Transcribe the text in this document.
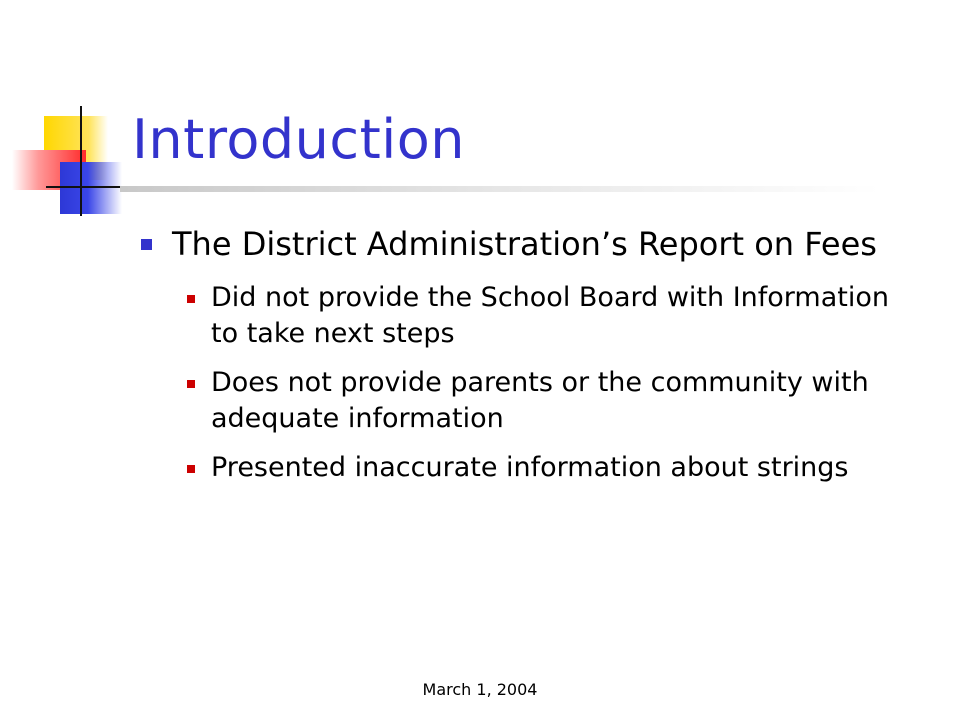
Introduction
The District Administration’s Report on Fees
Did not provide the School Board with Information to take next steps
Does not provide parents or the community with adequate information
Presented inaccurate information about strings
March 1, 2004
